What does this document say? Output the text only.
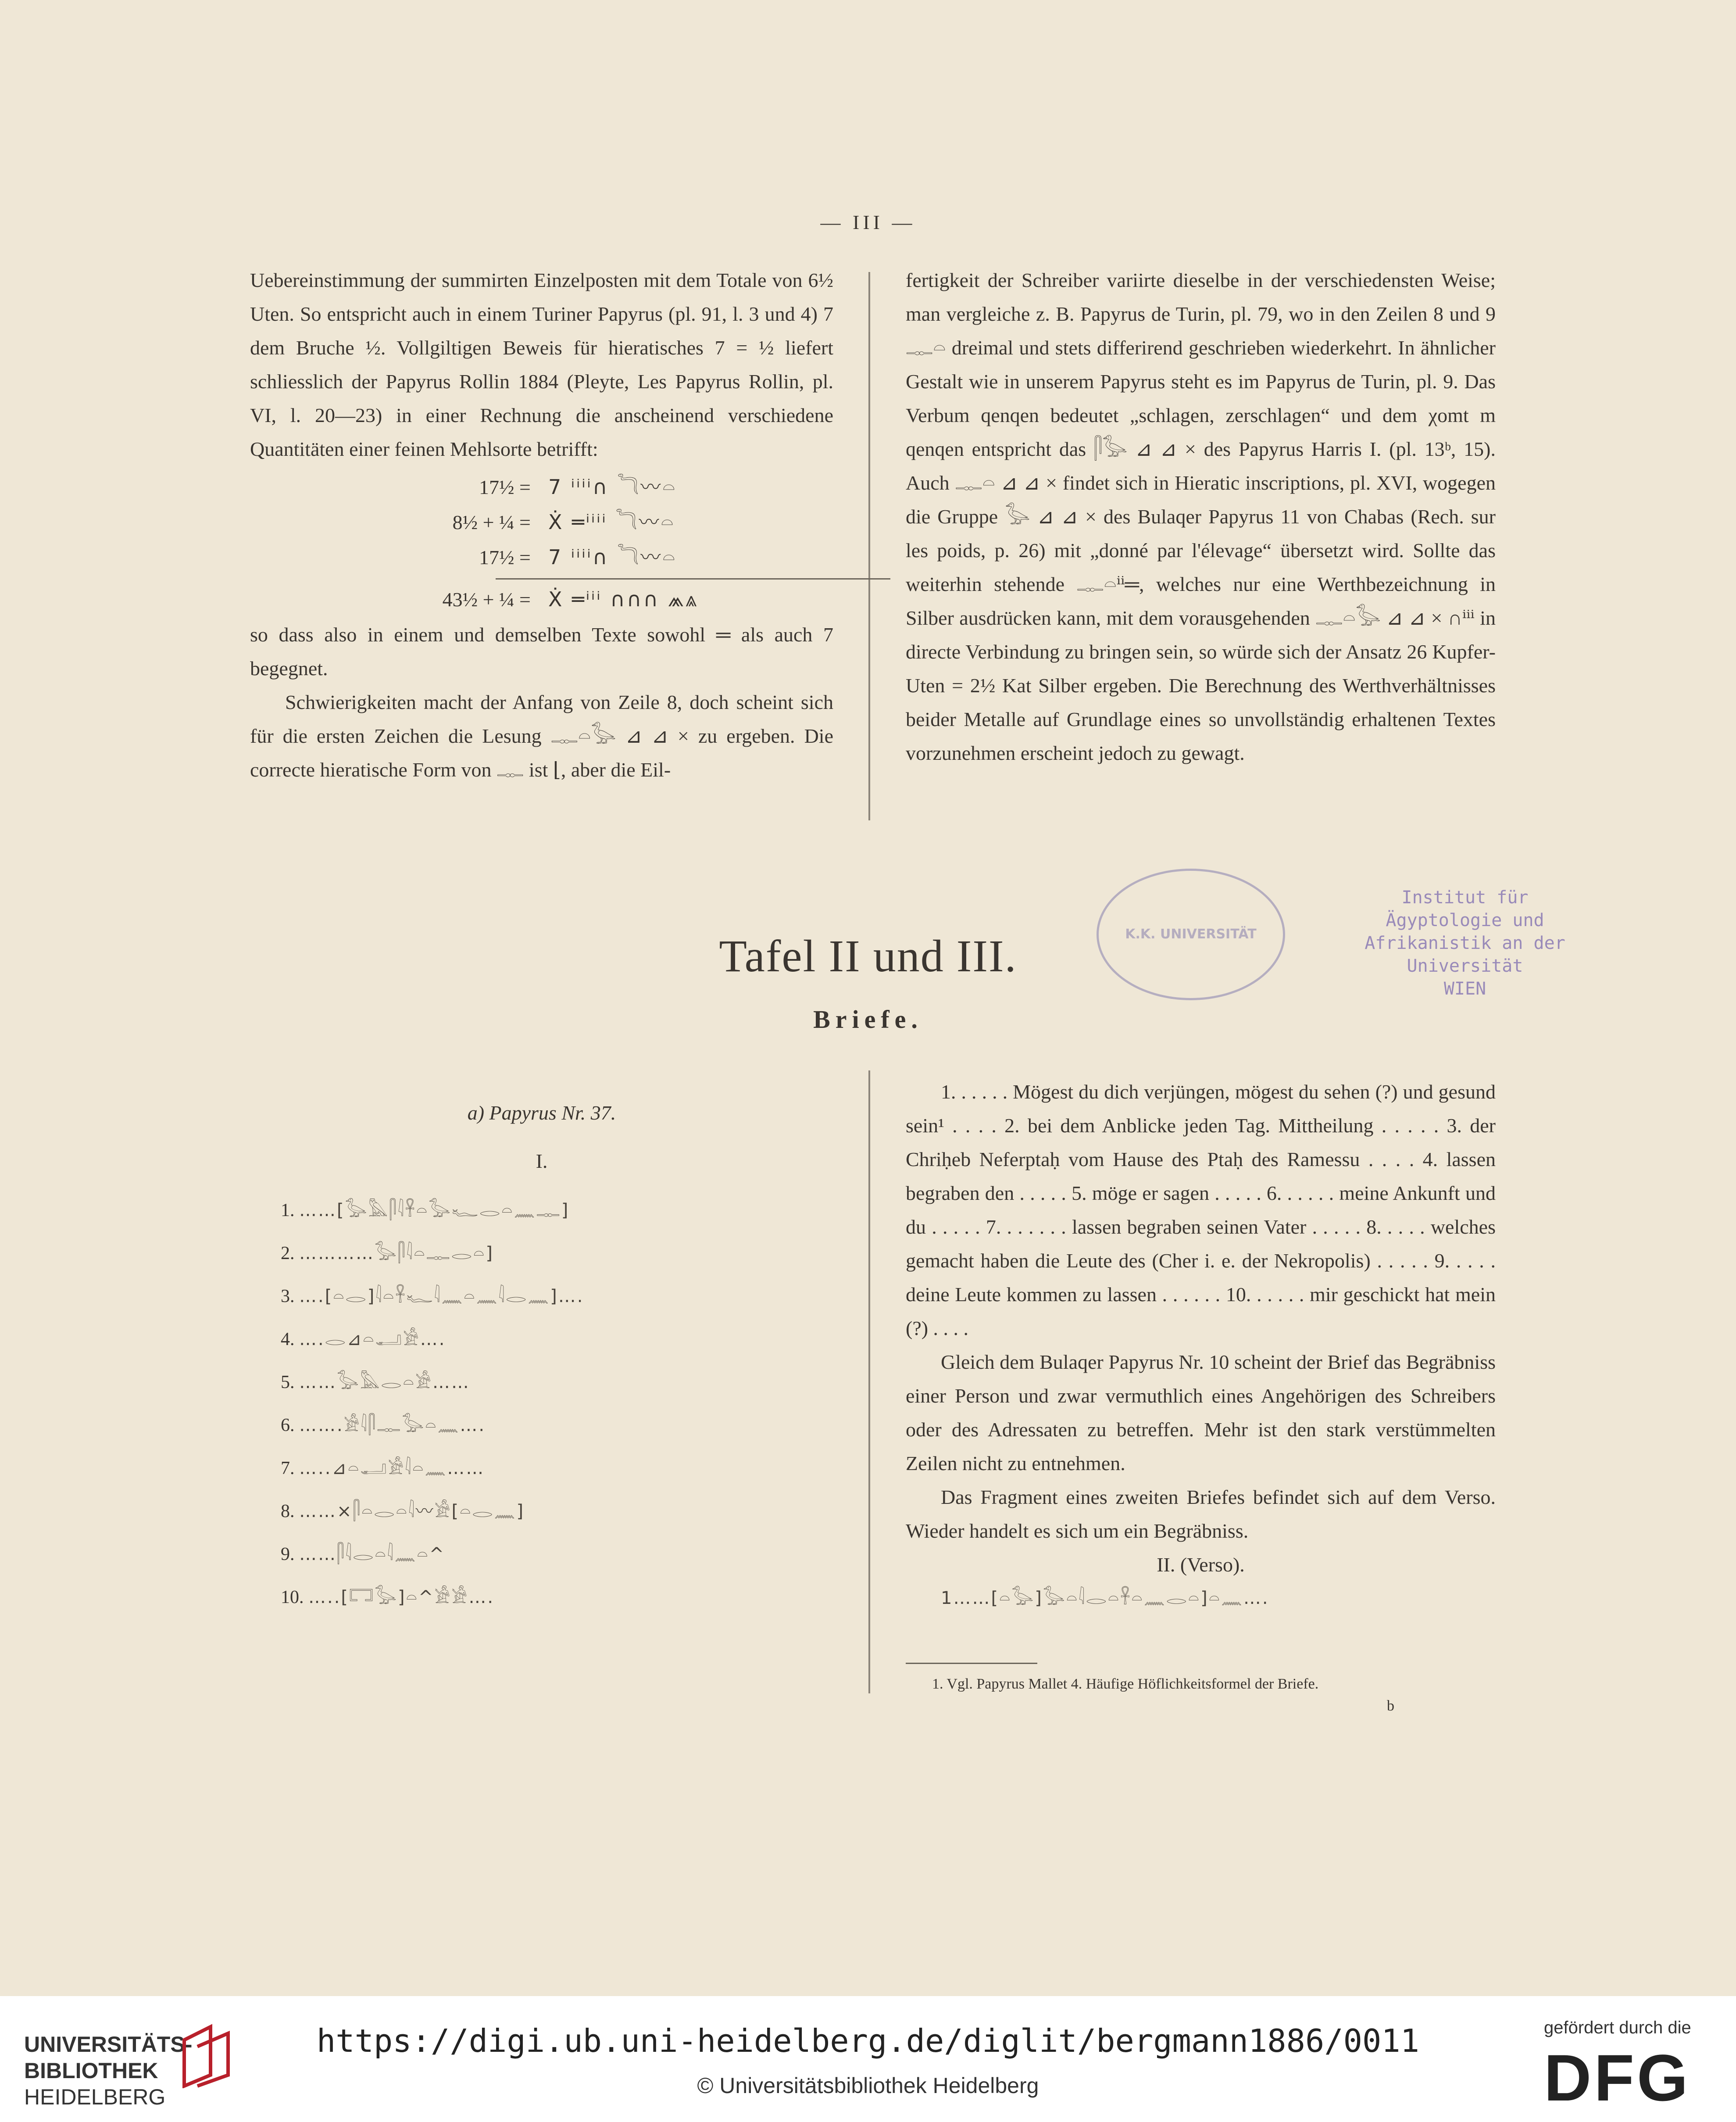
— III —

Uebereinstimmung der summirten Einzelposten mit dem Totale von 6½ Uten. So entspricht auch in einem Turiner Papyrus (pl. 91, l. 3 und 4) 7 dem Bruche ½. Vollgiltigen Beweis für hieratisches 7 = ½ liefert schliesslich der Papyrus Rollin 1884 (Pleyte, Les Papyrus Rollin, pl. VI, l. 20—23) in einer Rechnung die anscheinend verschiedene Quantitäten einer feinen Mehlsorte betrifft:

17½ = 7 ⁱⁱⁱⁱ∩ 𓆓〰𓏏
8½ + ¼ = Ẋ ═ⁱⁱⁱⁱ 𓆓〰𓏏
17½ = 7 ⁱⁱⁱⁱ∩ 𓆓〰𓏏
43½ + ¼ = Ẋ ═ⁱⁱⁱ ∩∩∩ ⩕⩓

so dass also in einem und demselben Texte sowohl ═ als auch 7 begegnet.

Schwierigkeiten macht der Anfang von Zeile 8, doch scheint sich für die ersten Zeichen die Lesung 𓊃𓏏𓅭 ⊿ ⊿ × zu ergeben. Die correcte hieratische Form von 𓊃 ist ⌊, aber die Eil-

fertigkeit der Schreiber variirte dieselbe in der verschiedensten Weise; man vergleiche z. B. Papyrus de Turin, pl. 79, wo in den Zeilen 8 und 9 𓊃𓏏 dreimal und stets differirend geschrieben wiederkehrt. In ähnlicher Gestalt wie in unserem Papyrus steht es im Papyrus de Turin, pl. 9. Das Verbum qenqen bedeutet „schlagen, zerschlagen“ und dem χomt m qenqen entspricht das 𓋴𓅭 ⊿ ⊿ × des Papyrus Harris I. (pl. 13ᵇ, 15). Auch 𓊃𓏏 ⊿ ⊿ × findet sich in Hieratic inscriptions, pl. XVI, wogegen die Gruppe 𓅭 ⊿ ⊿ × des Bulaqer Papyrus 11 von Chabas (Rech. sur les poids, p. 26) mit „donné par l'élevage“ übersetzt wird. Sollte das weiterhin stehende 𓊃𓏏ⁱⁱ═, welches nur eine Werthbezeichnung in Silber ausdrücken kann, mit dem vorausgehenden 𓊃𓏏𓅭 ⊿ ⊿ × ∩ⁱⁱⁱ in directe Verbindung zu bringen sein, so würde sich der Ansatz 26 Kupfer-Uten = 2½ Kat Silber ergeben. Die Berechnung des Werthverhältnisses beider Metalle auf Grundlage eines so unvollständig erhaltenen Textes vorzunehmen erscheint jedoch zu gewagt.

K.K. UNIVERSITÄT
Institut für Ägyptologie und
Afrikanistik an der Universität
WIEN
Tafel II und III.
Briefe.
a) Papyrus Nr. 37.
I.
1. ……[𓅭𓅓𓋴𓇋𓋹𓏏𓅭𓆑𓂋𓏏𓈖𓊃]
2. …………𓅭𓋴𓇋𓏏𓊃𓂋𓏏]
3. ….[𓏏𓂋]𓇋𓏏𓋹𓆑𓇋𓈖𓏏𓈖𓇋𓂋𓈖]….
4. ….𓂋⊿𓏏𓂝𓀀….
5. ……𓅭𓅓𓂋𓏏𓀀……
6. …….𓀀𓇋𓋴𓊃𓅭𓏏𓈖….
7. …..⊿𓏏𓂝𓀀𓇋𓏏𓈖……
8. ……×𓋴𓏏𓂋𓏏𓇋〰𓀀[𓏏𓂋𓈖]
9. ……𓋴𓇋𓂋𓏏𓇋𓈖𓏏^
10. …..[𓉐𓅭]𓏏^𓀀𓀀….

1. . . . . . Mögest du dich verjüngen, mögest du sehen (?) und gesund sein¹ . . . . 2. bei dem Anblicke jeden Tag. Mittheilung . . . . . 3. der Chriḥeb Neferptaḥ vom Hause des Ptaḥ des Ramessu . . . . 4. lassen begraben den . . . . . 5. möge er sagen . . . . . 6. . . . . . meine Ankunft und du . . . . . 7. . . . . . . lassen begraben seinen Vater . . . . . 8. . . . . welches gemacht haben die Leute des (Cher i. e. der Nekropolis) . . . . . 9. . . . . deine Leute kommen zu lassen . . . . . . 10. . . . . . mir geschickt hat mein (?) . . . .

Gleich dem Bulaqer Papyrus Nr. 10 scheint der Brief das Begräbniss einer Person und zwar vermuthlich eines Angehörigen des Schreibers oder des Adressaten zu betreffen. Mehr ist den stark verstümmelten Zeilen nicht zu entnehmen.

Das Fragment eines zweiten Briefes befindet sich auf dem Verso. Wieder handelt es sich um ein Begräbniss.

II. (Verso).

1……[𓏏𓅭]𓅭𓏏𓇋𓂋𓏏𓋹𓏏𓈖𓂋𓏏]𓏏𓈖….

1. Vgl. Papyrus Mallet 4. Häufige Höflichkeitsformel der Briefe.
b
UNIVERSITÄTS-
BIBLIOTHEK
HEIDELBERG
https://digi.ub.uni-heidelberg.de/diglit/bergmann1886/0011
© Universitätsbibliothek Heidelberg
gefördert durch die
DFG
